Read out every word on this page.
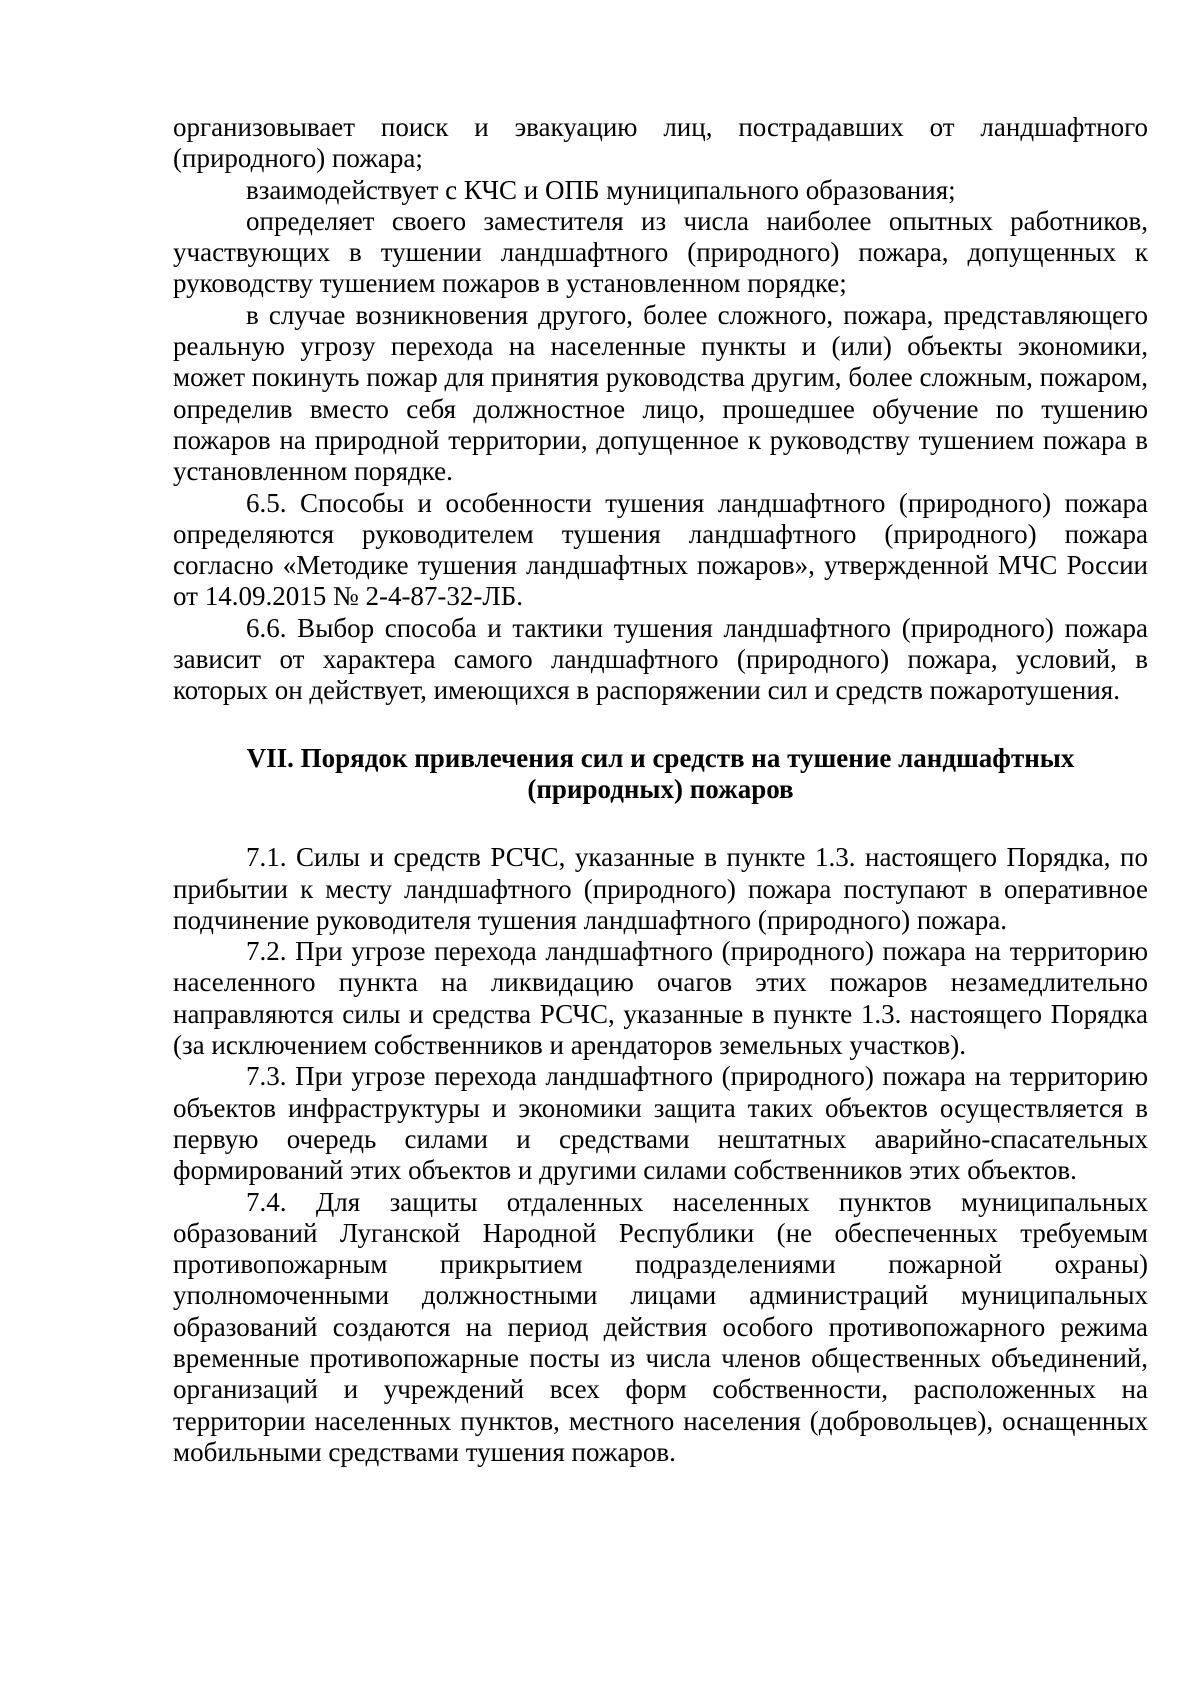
организовывает поиск и эвакуацию лиц, пострадавших от ландшафтного (природного) пожара;

взаимодействует с КЧС и ОПБ муниципального образования;

определяет своего заместителя из числа наиболее опытных работников, участвующих в тушении ландшафтного (природного) пожара, допущенных к руководству тушением пожаров в установленном порядке;

в случае возникновения другого, более сложного, пожара, представляющего реальную угрозу перехода на населенные пункты и (или) объекты экономики, может покинуть пожар для принятия руководства другим, более сложным, пожаром, определив вместо себя должностное лицо, прошедшее обучение по тушению пожаров на природной территории, допущенное к руководству тушением пожара в установленном порядке.

6.5. Способы и особенности тушения ландшафтного (природного) пожара определяются руководителем тушения ландшафтного (природного) пожара согласно «Методике тушения ландшафтных пожаров», утвержденной МЧС России от 14.09.2015 № 2-4-87-32-ЛБ.

6.6. Выбор способа и тактики тушения ландшафтного (природного) пожара зависит от характера самого ландшафтного (природного) пожара, условий, в которых он действует, имеющихся в распоряжении сил и средств пожаротушения.

VII. Порядок привлечения сил и средств на тушение ландшафтных
(природных) пожаров

7.1. Силы и средств РСЧС, указанные в пункте 1.3. настоящего Порядка, по прибытии к месту ландшафтного (природного) пожара поступают в оперативное подчинение руководителя тушения ландшафтного (природного) пожара.

7.2. При угрозе перехода ландшафтного (природного) пожара на территорию населенного пункта на ликвидацию очагов этих пожаров незамедлительно направляются силы и средства РСЧС, указанные в пункте 1.3. настоящего Порядка (за исключением собственников и арендаторов земельных участков).

7.3. При угрозе перехода ландшафтного (природного) пожара на территорию объектов инфраструктуры и экономики защита таких объектов осуществляется в первую очередь силами и средствами нештатных аварийно-спасательных формирований этих объектов и другими силами собственников этих объектов.

7.4. Для защиты отдаленных населенных пунктов муниципальных образований Луганской Народной Республики (не обеспеченных требуемым противопожарным прикрытием подразделениями пожарной охраны) уполномоченными должностными лицами администраций муниципальных образований создаются на период действия особого противопожарного режима временные противопожарные посты из числа членов общественных объединений, организаций и учреждений всех форм собственности, расположенных на территории населенных пунктов, местного населения (добровольцев), оснащенных мобильными средствами тушения пожаров.
